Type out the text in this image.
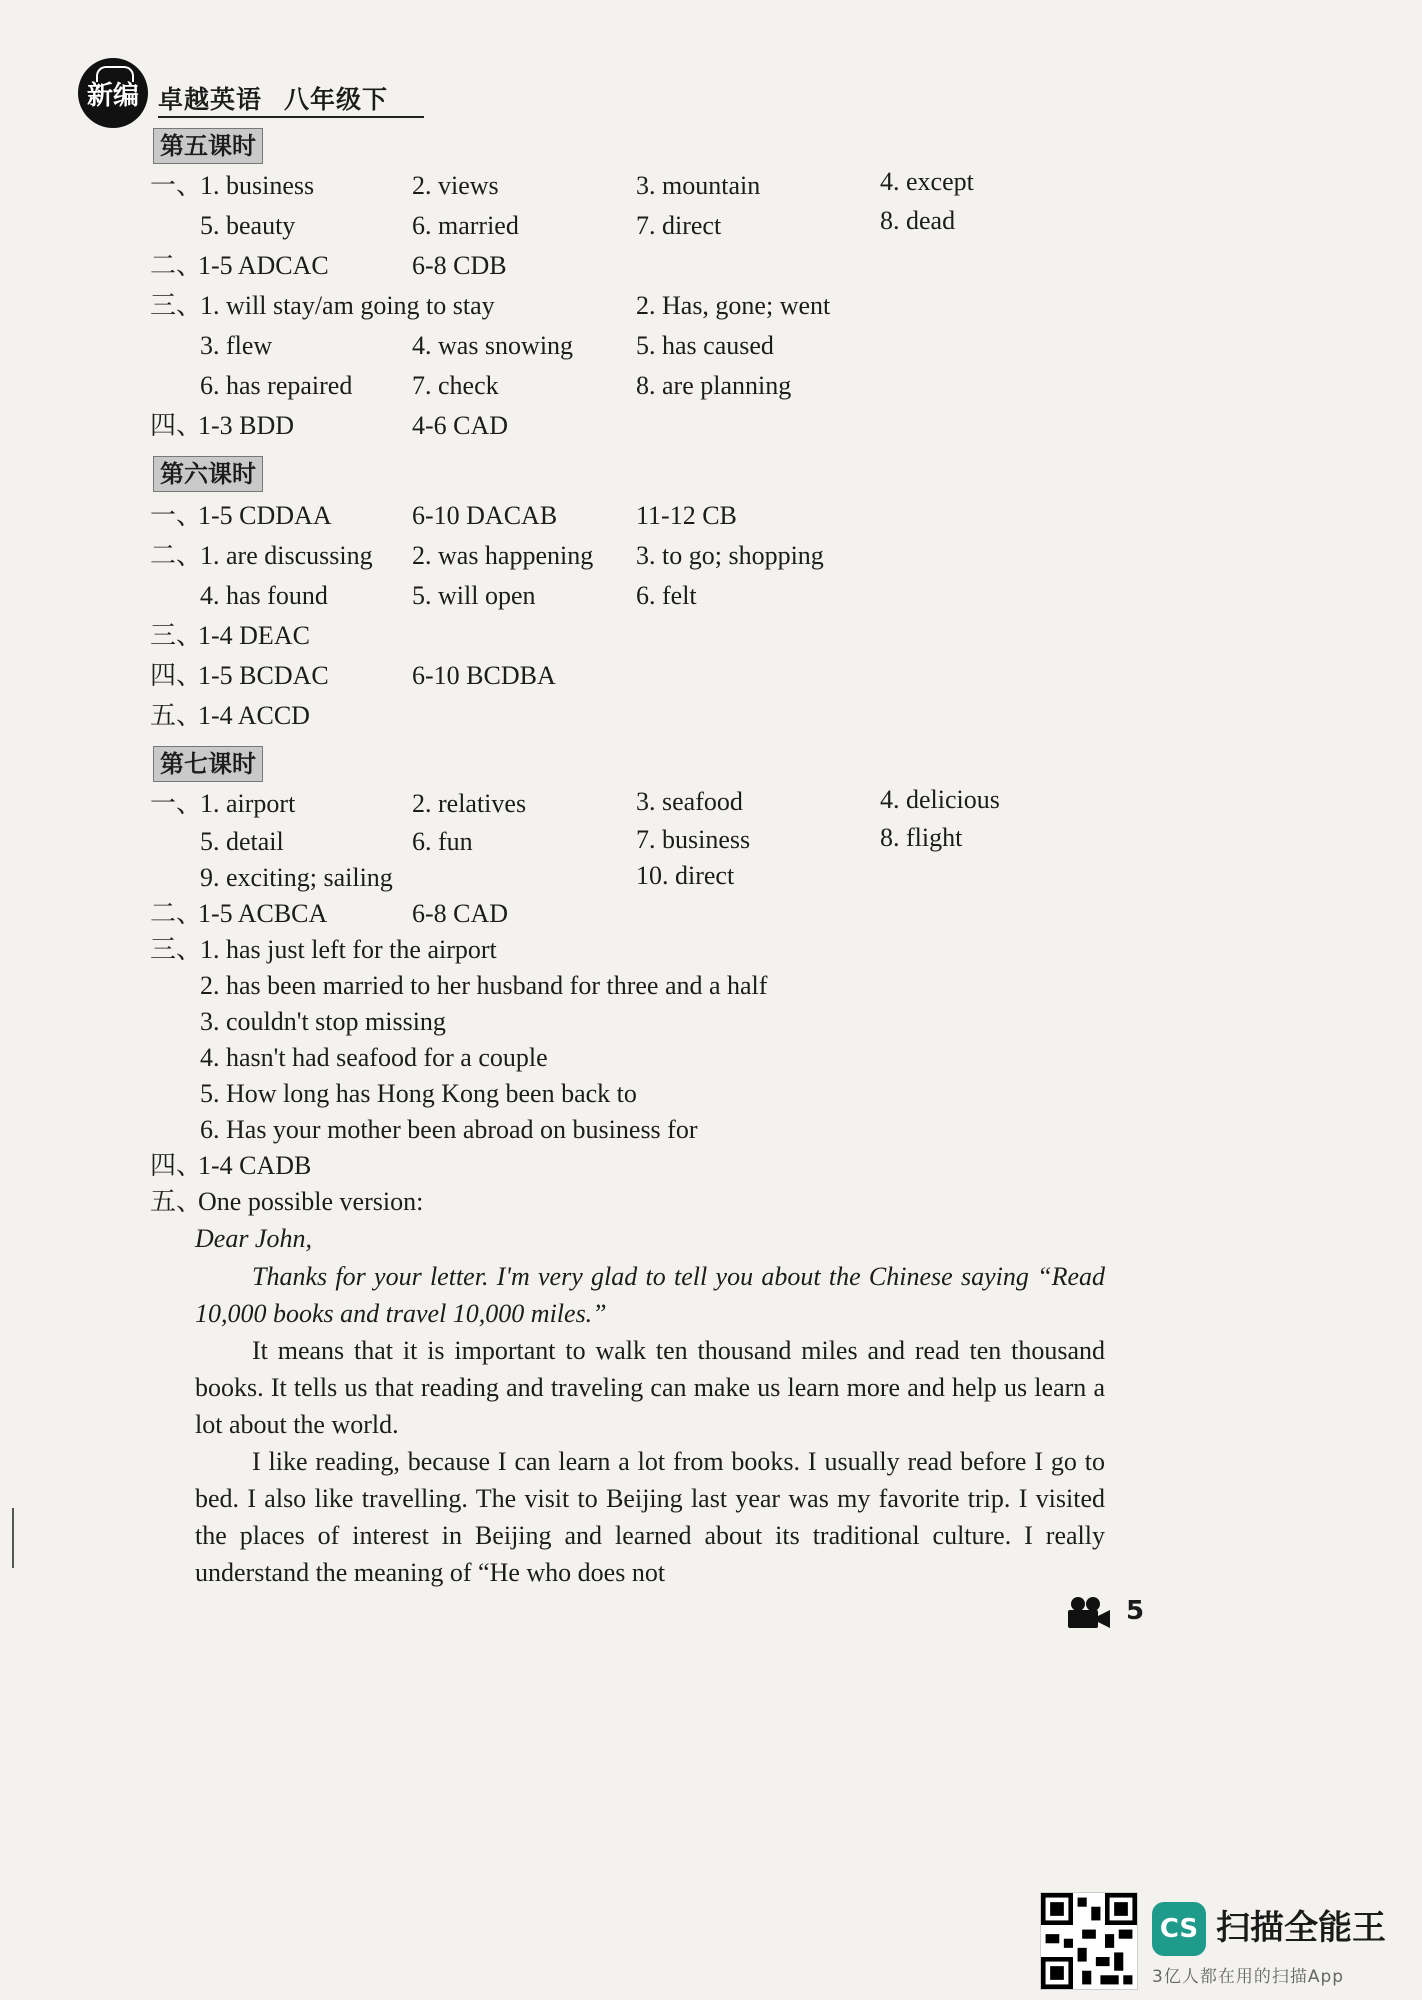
新编 卓越英语 八年级下
第五课时
一、
1. business	2. views	3. mountain	4. except
5. beauty	6. married	7. direct	8. dead
二、
1-5 ADCAC	6-8 CDB
三、
1. will stay/am going to stay	2. Has, gone; went
3. flew	4. was snowing 5. has caused
6. has repaired 7. check	8. are planning
四、
1-3 BDD	4-6 CAD
第六课时
一、
1-5 CDDAA	6-10 DACAB	11-12 CB
二、
1. are discussing 2. was happening 3. to go; shopping
4. has found	5. will open	6. felt
三、
1-4 DEAC
四、
1-5 BCDAC	6-10 BCDBA
五、
1-4 ACCD
第七课时
一、
1. airport	2. relatives	3. seafood	4. delicious
5. detail	6. fun	7. business	8. flight
9. exciting; sailing	10. direct
二、
1-5 ACBCA	6-8 CAD
三、
1. has just left for the airport
2. has been married to her husband for three and a half
3. couldn't stop missing
4. hasn't had seafood for a couple
5. How long has Hong Kong been back to
6. Has your mother been abroad on business for
四、
1-4 CADB
五、
One possible version:
Dear John,
Thanks for your letter. I'm very glad to tell you about the Chinese saying “Read 10,000 books and travel 10,000 miles.”
It means that it is important to walk ten thousand miles and read ten thousand books. It tells us that reading and traveling can make us learn more and help us learn a lot about the world.
I like reading, because I can learn a lot from books. I usually read before I go to bed. I also like travelling. The visit to Beijing last year was my favorite trip. I visited the places of interest in Beijing and learned about its traditional culture. I really understand the meaning of “He who does not
5
CS 扫描全能王
3亿人都在用的扫描App
